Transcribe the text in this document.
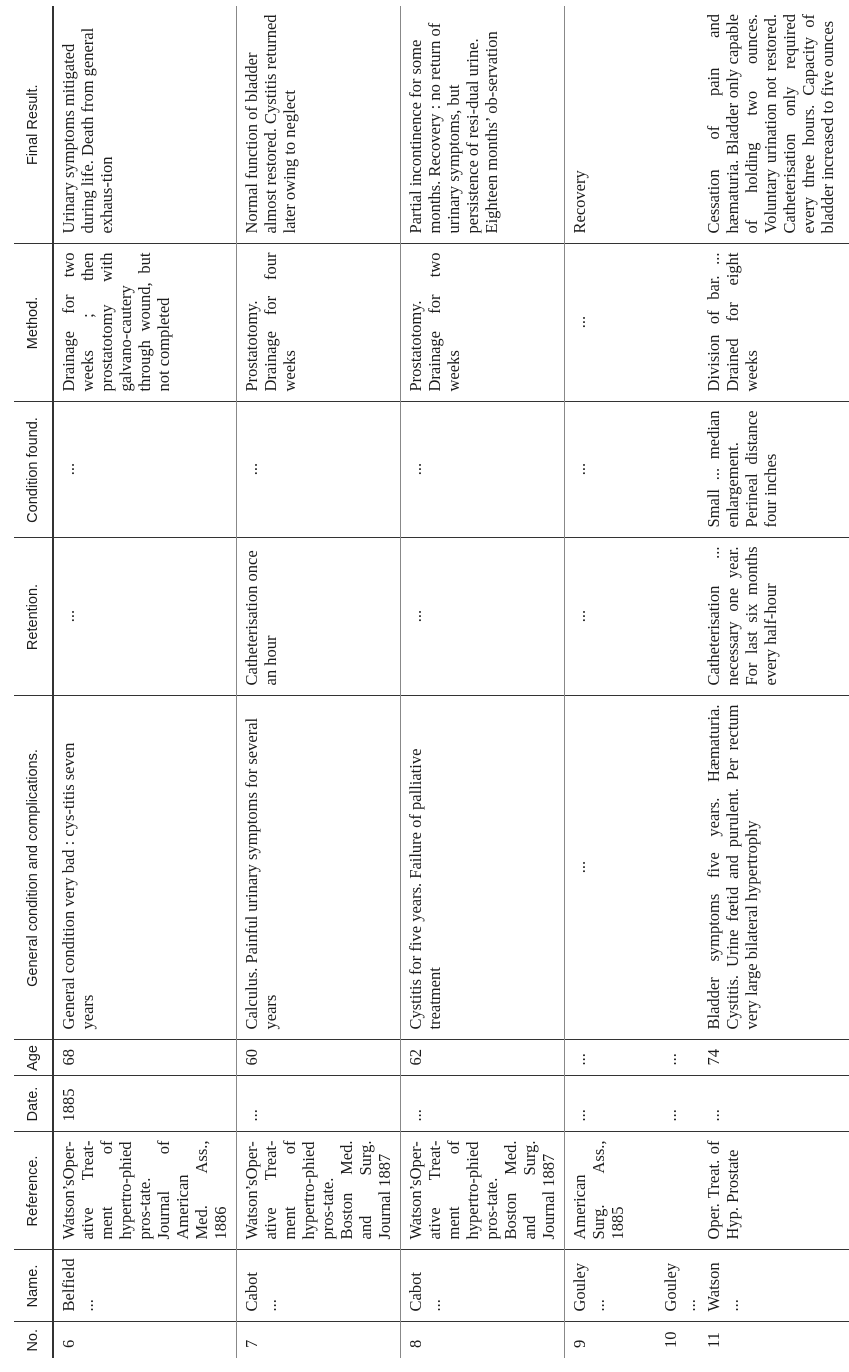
No.	Name.	Reference.	Date.	Age	General condition and complications.	Retention.	Condition found.	Method.	Final Result.
6	Belfield ...	Watson’sOper-ative Treat-ment of hypertro-phied pros-tate. Journal of American Med. Ass., 1886	1885	68	General condition very bad : cys-titis seven years	...	...	Drainage for two weeks ; then prostatotomy with galvano-cautery through wound, but not completed	Urinary symptoms mitigated during life. Death from general exhaus-tion
7	Cabot ...	Watson’sOper-ative Treat-ment of hypertro-phied pros-tate. Boston Med. and Surg. Journal 1887	...	60	Calculus. Painful urinary symptoms for several years	Catheterisation once an hour	...	Prostatotomy. Drainage for four weeks	Normal function of bladder almost restored. Cystitis returned later owing to neglect
8	Cabot ...	Watson’sOper-ative Treat-ment of hypertro-phied pros-tate. Boston Med. and Surg. Journal 1887	...	62	Cystitis for five years. Failure of palliative treatment	...	...	Prostatotomy. Drainage for two weeks	Partial incontinence for some months. Recovery : no return of urinary symptoms, but persistence of resi-dual urine. Eighteen months’ ob-servation
9	Gouley ...	American Surg. Ass., 1885	...	...	...	...	...	...	Recovery
10	Gouley ...		...	...					
11	Watson ...	Oper. Treat. of Hyp. Prostate	...	74	Bladder symptoms five years. Hæmaturia. Cystitis. Urine fœtid and purulent. Per rectum very large bilateral hypertrophy	Catheterisation ... necessary one year. For last six months every half-hour	Small ... median enlargement. Perineal distance four inches	Division of bar. ... Drained for eight weeks	Cessation of pain and hæmaturia. Bladder only capable of holding two ounces. Voluntary urination not restored. Catheterisation only required every three hours. Capacity of bladder increased to five ounces
